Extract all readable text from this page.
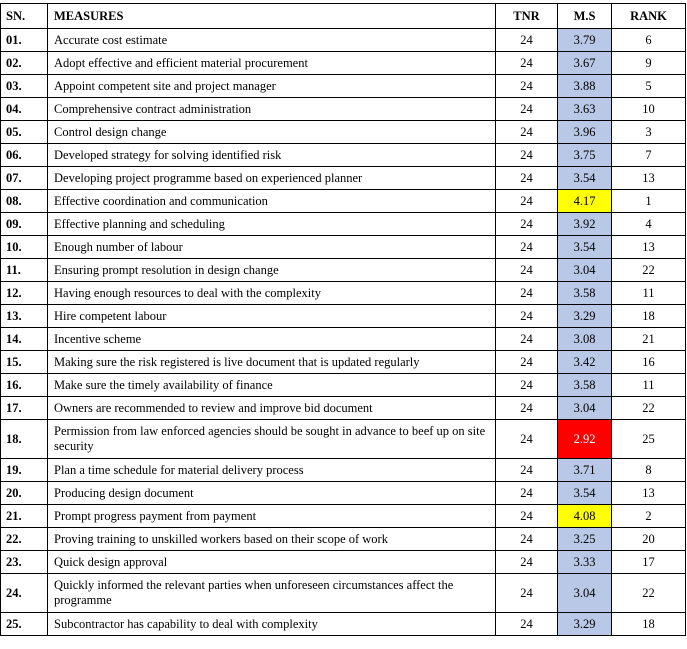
SN.	MEASURES	TNR	M.S	RANK
01.	Accurate cost estimate	24	3.79	6
02.	Adopt effective and efficient material procurement	24	3.67	9
03.	Appoint competent site and project manager	24	3.88	5
04.	Comprehensive contract administration	24	3.63	10
05.	Control design change	24	3.96	3
06.	Developed strategy for solving identified risk	24	3.75	7
07.	Developing project programme based on experienced planner	24	3.54	13
08.	Effective coordination and communication	24	4.17	1
09.	Effective planning and scheduling	24	3.92	4
10.	Enough number of labour	24	3.54	13
11.	Ensuring prompt resolution in design change	24	3.04	22
12.	Having enough resources to deal with the complexity	24	3.58	11
13.	Hire competent labour	24	3.29	18
14.	Incentive scheme	24	3.08	21
15.	Making sure the risk registered is live document that is updated regularly	24	3.42	16
16.	Make sure the timely availability of finance	24	3.58	11
17.	Owners are recommended to review and improve bid document	24	3.04	22
18.	Permission from law enforced agencies should be sought in advance to beef up on site security	24	2.92	25
19.	Plan a time schedule for material delivery process	24	3.71	8
20.	Producing design document	24	3.54	13
21.	Prompt progress payment from payment	24	4.08	2
22.	Proving training to unskilled workers based on their scope of work	24	3.25	20
23.	Quick design approval	24	3.33	17
24.	Quickly informed the relevant parties when unforeseen circumstances affect the programme	24	3.04	22
25.	Subcontractor has capability to deal with complexity	24	3.29	18
